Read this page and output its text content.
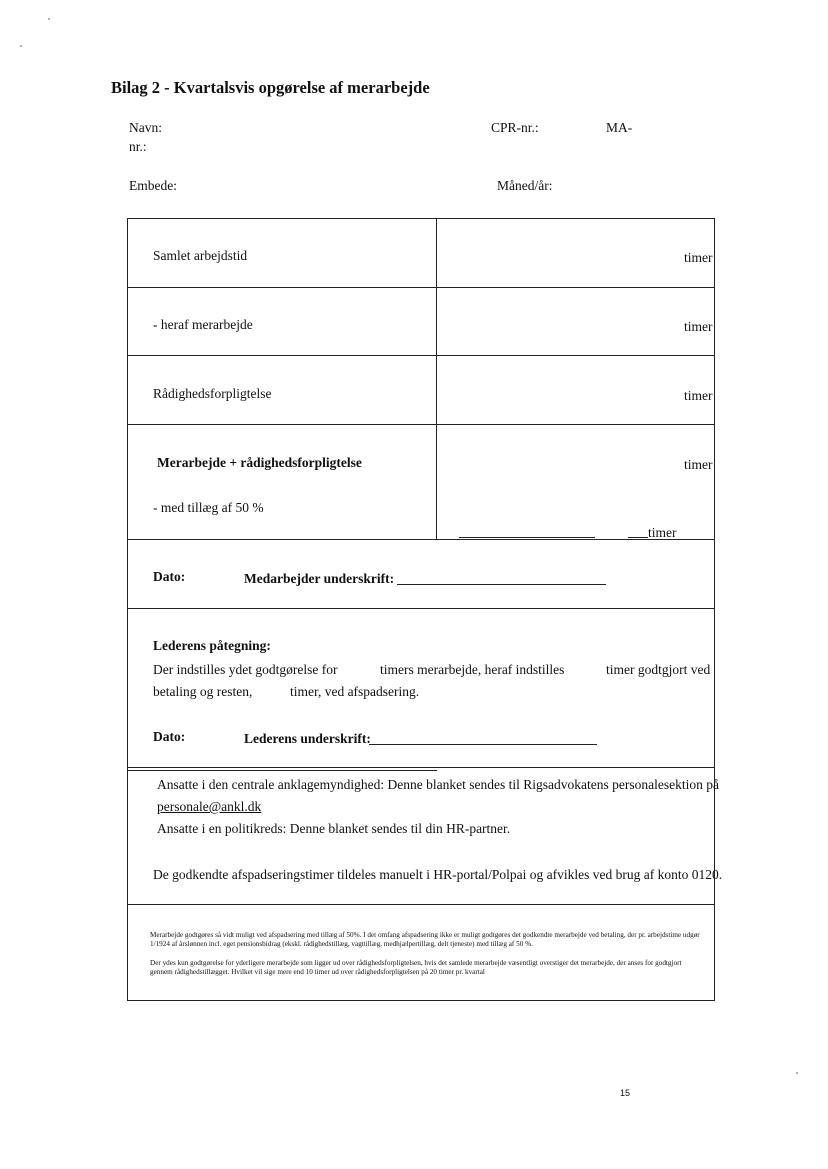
Bilag 2 - Kvartalsvis opgørelse af merarbejde
Navn:	CPR-nr.:	MA-
nr.:
Embede:	Måned/år:
Samlet arbejdstid	timer
- heraf merarbejde	timer
Rådighedsforpligtelse	timer
Merarbejde + rådighedsforpligtelse	timer
- med tillæg af 50 %
timer
Dato:	Medarbejder underskrift:
Lederens påtegning:
Der indstilles ydet godtgørelse for	timers merarbejde, heraf indstilles	timer godtgjort ved
betaling og resten,	timer, ved afspadsering.
Dato:	Lederens underskrift:
Ansatte i den centrale anklagemyndighed: Denne blanket sendes til Rigsadvokatens personalesektion på
personale@ankl.dk
Ansatte i en politikreds: Denne blanket sendes til din HR-partner.
De godkendte afspadseringstimer tildeles manuelt i HR-portal/Polpai og afvikles ved brug af konto 0120.
Merarbejde godtgøres så vidt muligt ved afspadsering med tillæg af 50%. I det omfang afspadsering ikke er muligt godtgøres det godkendte merarbejde ved betaling, der pr. arbejdstime udgør 1/1924 af årslønnen incl. eget pensionsbidrag (ekskl. rådighedstillæg, vagttillæg, medhjælpertillæg, delt tjeneste) med tillæg af 50 %.
Der ydes kun godtgørelse for yderligere merarbejde som ligger ud over rådighedsforpligtelsen, hvis det samlede merarbejde væsentligt overstiger det merarbejde, der anses for godtgjort gennem rådighedstillægget. Hvilket vil sige mere end 10 timer ud over rådighedsforpligtelsen på 20 timer pr. kvartal
15
